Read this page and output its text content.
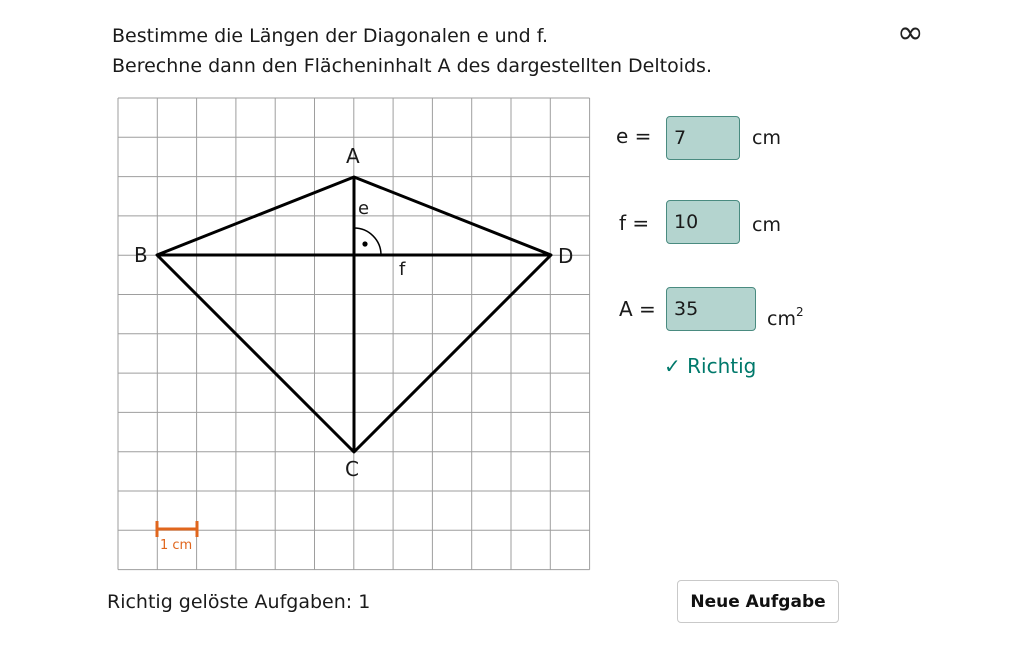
Bestimme die Längen der Diagonalen e und f.
Berechne dann den Flächeninhalt A des dargestellten Deltoids.
∞
A
B
C
D
e
f
1 cm
e =
7	cm
f =
10	cm
A =
35	$cm^2$
✓ Richtig
Richtig gelöste Aufgaben: 1	Neue Aufgabe
